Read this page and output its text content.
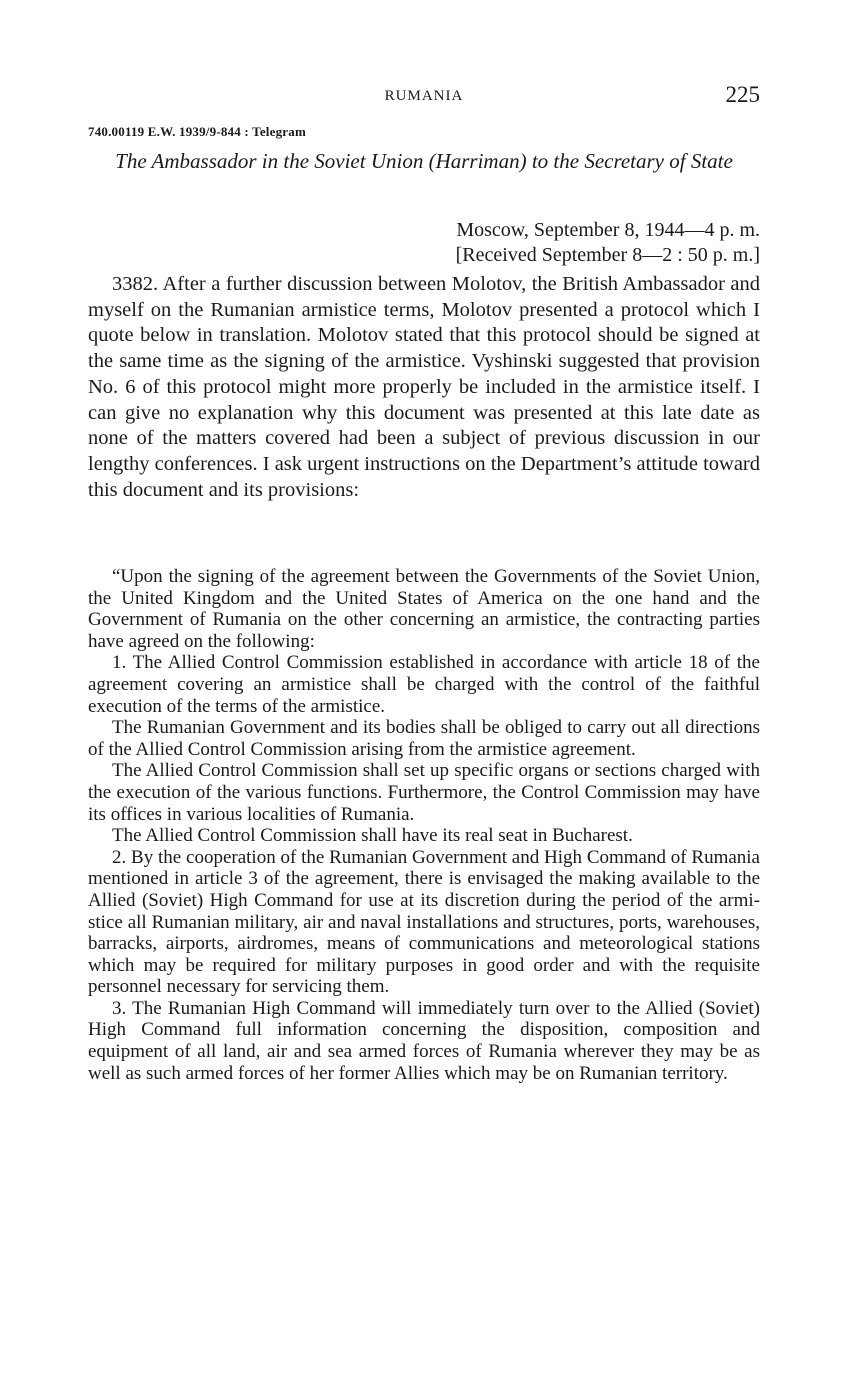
RUMANIA	225
740.00119 E.W. 1939/9-844 : Telegram
The Ambassador in the Soviet Union (Harriman) to the Secretary of State
Moscow, September 8, 1944—4 p. m.
[Received September 8—2 : 50 p. m.]

3382. After a further discussion between Molotov, the British Ambassador and myself on the Rumanian armistice terms, Molotov presented a protocol which I quote below in translation. Molotov stated that this protocol should be signed at the same time as the signing of the armistice. Vyshinski suggested that provision No. 6 of this protocol might more properly be included in the armistice itself. I can give no explanation why this document was presented at this late date as none of the matters covered had been a subject of previous discussion in our lengthy conferences. I ask urgent instructions on the Department’s attitude toward this document and its provisions:

“Upon the signing of the agreement between the Governments of the Soviet Union, the United Kingdom and the United States of America on the one hand and the Government of Rumania on the other concerning an armistice, the contracting parties have agreed on the following:

1. The Allied Control Commission established in accordance with article 18 of the agreement covering an armistice shall be charged with the control of the faithful execution of the terms of the armistice.

The Rumanian Government and its bodies shall be obliged to carry out all directions of the Allied Control Commission arising from the armistice agreement.

The Allied Control Commission shall set up specific organs or sections charged with the execution of the various functions. Furthermore, the Control Commission may have its offices in various localities of Rumania.

The Allied Control Commission shall have its real seat in Bucharest.

2. By the cooperation of the Rumanian Government and High Command of Rumania mentioned in article 3 of the agreement, there is envisaged the making available to the Allied (Soviet) High Command for use at its discretion during the period of the armistice all Rumanian military, air and naval installations and structures, ports, warehouses, barracks, airports, airdromes, means of communications and meteorological stations which may be required for military purposes in good order and with the requisite personnel necessary for servicing them.

3. The Rumanian High Command will immediately turn over to the Allied (Soviet) High Command full information concerning the disposition, composition and equipment of all land, air and sea armed forces of Rumania wherever they may be as well as such armed forces of her former Allies which may be on Rumanian territory.
